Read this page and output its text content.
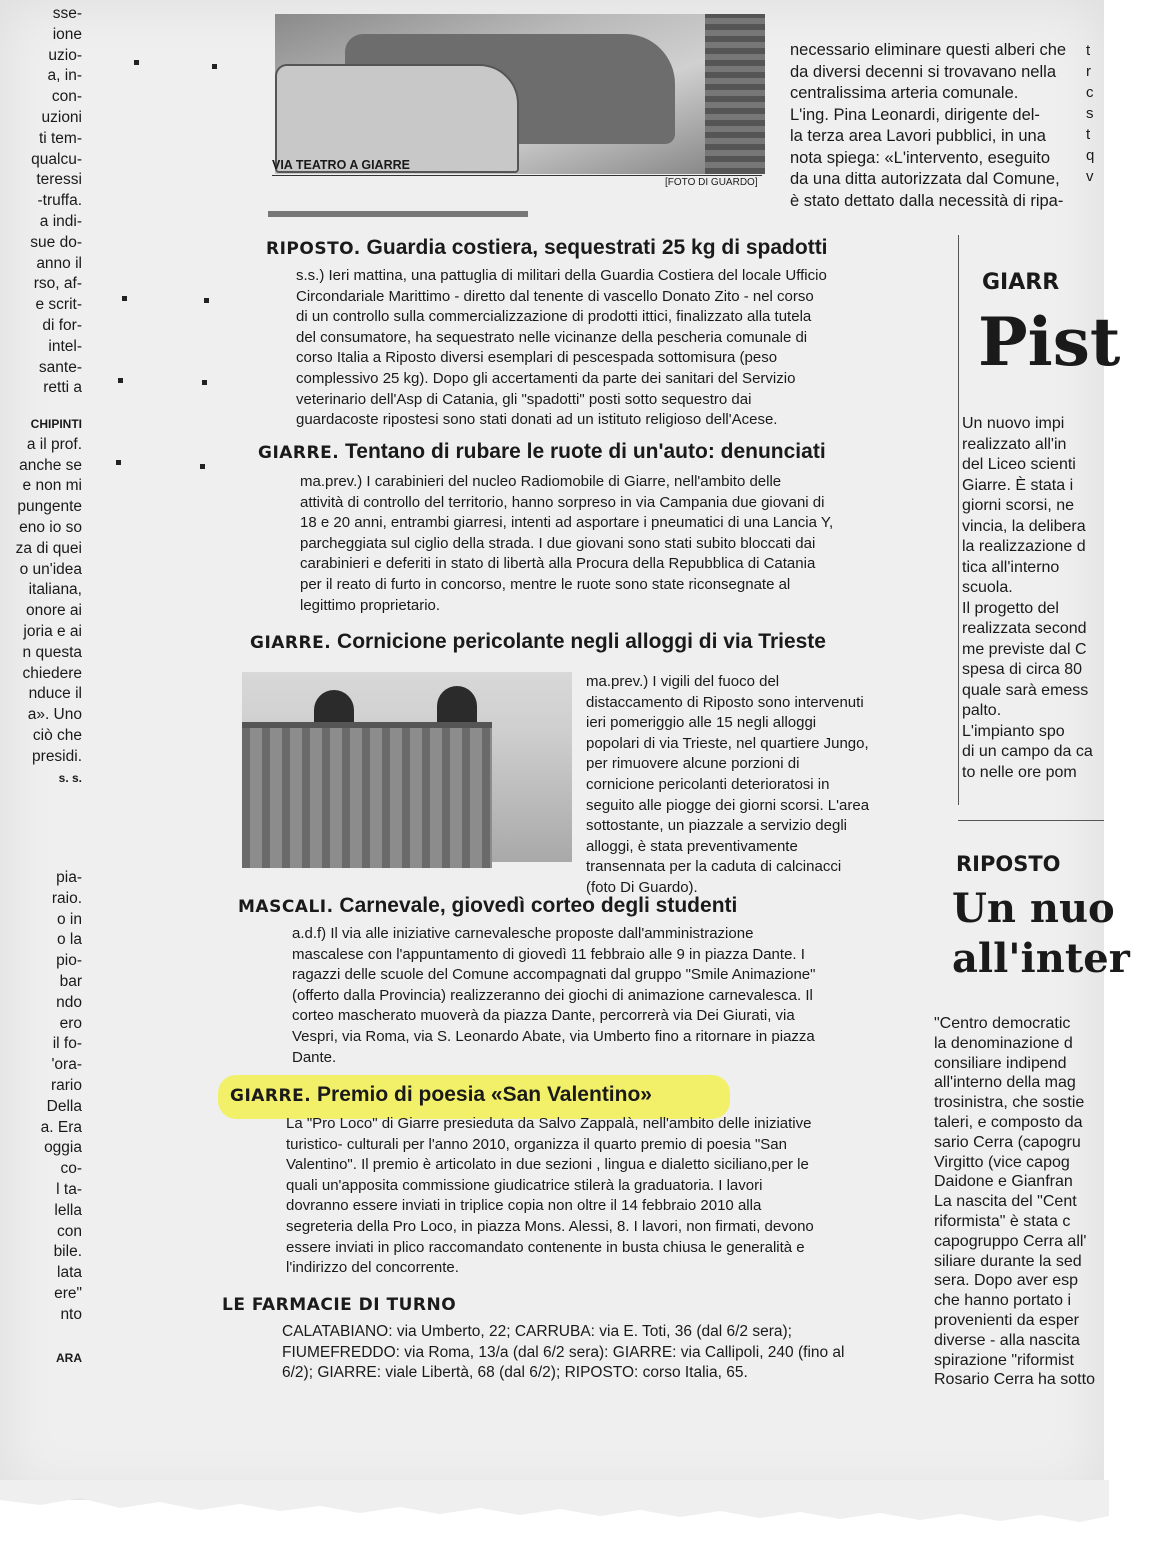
sse-
ione
uzio-
a, in-
con-
uzioni
ti tem-
qualcu-
teressi
-truffa.
a indi-
sue do-
anno il
rso, af-
e scrit-
di for-
intel-
sante-
retti a
CHIPINTI
a il prof.
anche se
e non mi
pungente
eno io so
za di quei
o un'idea
italiana,
onore ai
joria e ai
n questa
chiedere
nduce il
a». Uno
ciò che
presidi.
s. s.
pia-
raio.
o in
o la
pio-
bar
ndo
ero
il fo-
'ora-
rario
Della
a. Era
oggia
co-
l ta-
lella
con
bile.
lata
ere"
nto
ARA
VIA TEATRO A GIARRE
[FOTO DI GUARDO]
necessario eliminare questi alberi che
da diversi decenni si trovavano nella
centralissima arteria comunale.
L'ing. Pina Leonardi, dirigente del-
la terza area Lavori pubblici, in una
nota spiega: «L'intervento, eseguito
da una ditta autorizzata dal Comune,
è stato dettato dalla necessità di ripa-
RIPOSTO. Guardia costiera, sequestrati 25 kg di spadotti
s.s.) Ieri mattina, una pattuglia di militari della Guardia Costiera del locale Ufficio
Circondariale Marittimo - diretto dal tenente di vascello Donato Zito - nel corso
di un controllo sulla commercializzazione di prodotti ittici, finalizzato alla tutela
del consumatore, ha sequestrato nelle vicinanze della pescheria comunale di
corso Italia a Riposto diversi esemplari di pescespada sottomisura (peso
complessivo 25 kg). Dopo gli accertamenti da parte dei sanitari del Servizio
veterinario dell'Asp di Catania, gli "spadotti" posti sotto sequestro dai
guardacoste ripostesi sono stati donati ad un istituto religioso dell'Acese.
GIARRE. Tentano di rubare le ruote di un'auto: denunciati
ma.prev.) I carabinieri del nucleo Radiomobile di Giarre, nell'ambito delle
attività di controllo del territorio, hanno sorpreso in via Campania due giovani di
18 e 20 anni, entrambi giarresi, intenti ad asportare i pneumatici di una Lancia Y,
parcheggiata sul ciglio della strada. I due giovani sono stati subito bloccati dai
carabinieri e deferiti in stato di libertà alla Procura della Repubblica di Catania
per il reato di furto in concorso, mentre le ruote sono state riconsegnate al
legittimo proprietario.
GIARRE. Cornicione pericolante negli alloggi di via Trieste
ma.prev.) I vigili del fuoco del
distaccamento di Riposto sono intervenuti
ieri pomeriggio alle 15 negli alloggi
popolari di via Trieste, nel quartiere Jungo,
per rimuovere alcune porzioni di
cornicione pericolanti deterioratosi in
seguito alle piogge dei giorni scorsi. L'area
sottostante, un piazzale a servizio degli
alloggi, è stata preventivamente
transennata per la caduta di calcinacci
(foto Di Guardo).
MASCALI. Carnevale, giovedì corteo degli studenti
a.d.f) Il via alle iniziative carnevalesche proposte dall'amministrazione
mascalese con l'appuntamento di giovedì 11 febbraio alle 9 in piazza Dante. I
ragazzi delle scuole del Comune accompagnati dal gruppo "Smile Animazione"
(offerto dalla Provincia) realizzeranno dei giochi di animazione carnevalesca. Il
corteo mascherato muoverà da piazza Dante, percorrerà via Dei Giurati, via
Vespri, via Roma, via S. Leonardo Abate, via Umberto fino a ritornare in piazza
Dante.
GIARRE. Premio di poesia «San Valentino»
La "Pro Loco" di Giarre presieduta da Salvo Zappalà, nell'ambito delle iniziative
turistico- culturali per l'anno 2010, organizza il quarto premio di poesia "San
Valentino". Il premio è articolato in due sezioni , lingua e dialetto siciliano,per le
quali un'apposita commissione giudicatrice stilerà la graduatoria. I lavori
dovranno essere inviati in triplice copia non oltre il 14 febbraio 2010 alla
segreteria della Pro Loco, in piazza Mons. Alessi, 8. I lavori, non firmati, devono
essere inviati in plico raccomandato contenente in busta chiusa le generalità e
l'indirizzo del concorrente.
LE FARMACIE DI TURNO
CALATABIANO: via Umberto, 22; CARRUBA: via E. Toti, 36 (dal 6/2 sera);
FIUMEFREDDO: via Roma, 13/a (dal 6/2 sera): GIARRE: via Callipoli, 240 (fino al
6/2); GIARRE: viale Libertà, 68 (dal 6/2); RIPOSTO: corso Italia, 65.
GIARR
Pist
Un nuovo impi
realizzato all'in
del Liceo scienti
Giarre. È stata i
giorni scorsi, ne
vincia, la delibera
la realizzazione d
tica all'interno
scuola.
Il progetto del
realizzata second
me previste dal C
spesa di circa 80
quale sarà emess
palto.
L'impianto spo
di un campo da ca
to nelle ore pom
RIPOSTO
Un nuo
all'inter
"Centro democratic
la denominazione d
consiliare indipend
all'interno della mag
trosinistra, che sostie
taleri, e composto da
sario Cerra (capogru
Virgitto (vice capog
Daidone e Gianfran
La nascita del "Cent
riformista" è stata c
capogruppo Cerra all'
siliare durante la sed
sera. Dopo aver esp
che hanno portato i
provenienti da esper
diverse - alla nascita
spirazione "riformist
Rosario Cerra ha sotto
t
r
c
s
t
q
v
